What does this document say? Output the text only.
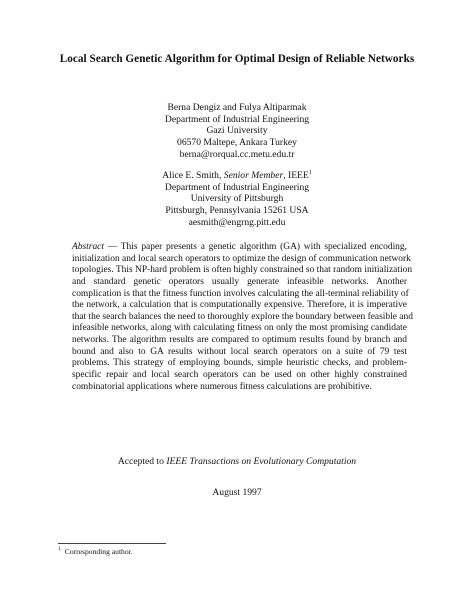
Local Search Genetic Algorithm for Optimal Design of Reliable Networks
Berna Dengiz and Fulya Altiparmak
Department of Industrial Engineering
Gazi University
06570 Maltepe, Ankara Turkey
berna@rorqual.cc.metu.edu.tr
Alice E. Smith, Senior Member, IEEE$^1$
Department of Industrial Engineering
University of Pittsburgh
Pittsburgh, Pennsylvania 15261 USA
aesmith@engrng.pitt.edu
Abstract — This paper presents a genetic algorithm (GA) with specialized encoding,
initialization and local search operators to optimize the design of communication network
topologies. This NP-hard problem is often highly constrained so that random initialization
and standard genetic operators usually generate infeasible networks. Another
complication is that the fitness function involves calculating the all-terminal reliability of
the network, a calculation that is computationally expensive. Therefore, it is imperative
that the search balances the need to thoroughly explore the boundary between feasible and
infeasible networks, along with calculating fitness on only the most promising candidate
networks. The algorithm results are compared to optimum results found by branch and
bound and also to GA results without local search operators on a suite of 79 test
problems. This strategy of employing bounds, simple heuristic checks, and problem-
specific repair and local search operators can be used on other highly constrained
combinatorial applications where numerous fitness calculations are prohibitive.
Accepted to IEEE Transactions on Evolutionary Computation
August 1997
$^1$ Corresponding author.
